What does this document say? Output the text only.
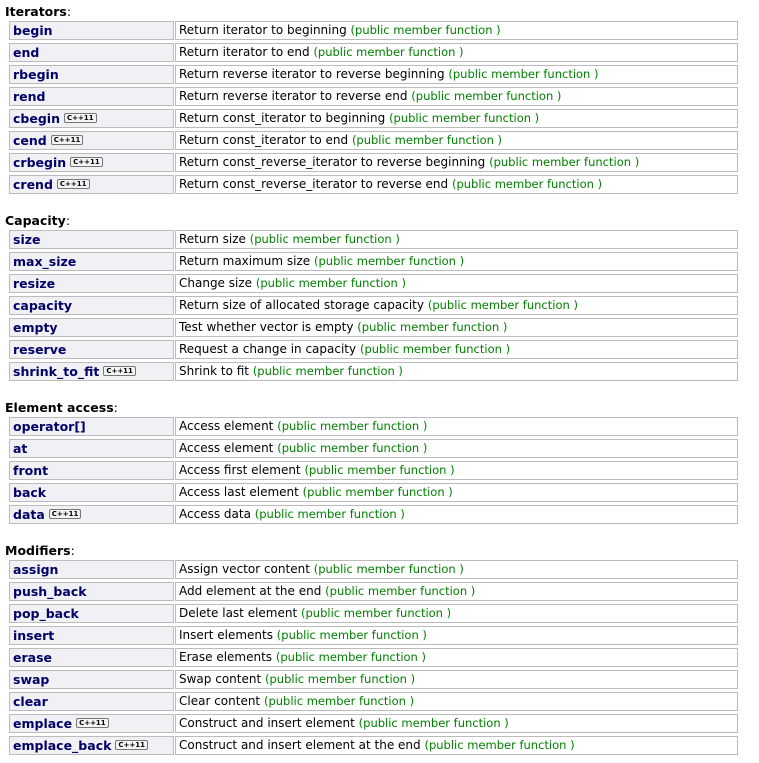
Iterators:
begin	Return iterator to beginning (public member function )
end	Return iterator to end (public member function )
rbegin	Return reverse iterator to reverse beginning (public member function )
rend	Return reverse iterator to reverse end (public member function )
cbegin C++11	Return const_iterator to beginning (public member function )
cend C++11	Return const_iterator to end (public member function )
crbegin C++11	Return const_reverse_iterator to reverse beginning (public member function )
crend C++11	Return const_reverse_iterator to reverse end (public member function )
Capacity:
size	Return size (public member function )
max_size	Return maximum size (public member function )
resize	Change size (public member function )
capacity	Return size of allocated storage capacity (public member function )
empty	Test whether vector is empty (public member function )
reserve	Request a change in capacity (public member function )
shrink_to_fit C++11	Shrink to fit (public member function )
Element access:
operator[]	Access element (public member function )
at	Access element (public member function )
front	Access first element (public member function )
back	Access last element (public member function )
data C++11	Access data (public member function )
Modifiers:
assign	Assign vector content (public member function )
push_back	Add element at the end (public member function )
pop_back	Delete last element (public member function )
insert	Insert elements (public member function )
erase	Erase elements (public member function )
swap	Swap content (public member function )
clear	Clear content (public member function )
emplace C++11	Construct and insert element (public member function )
emplace_back C++11	Construct and insert element at the end (public member function )
